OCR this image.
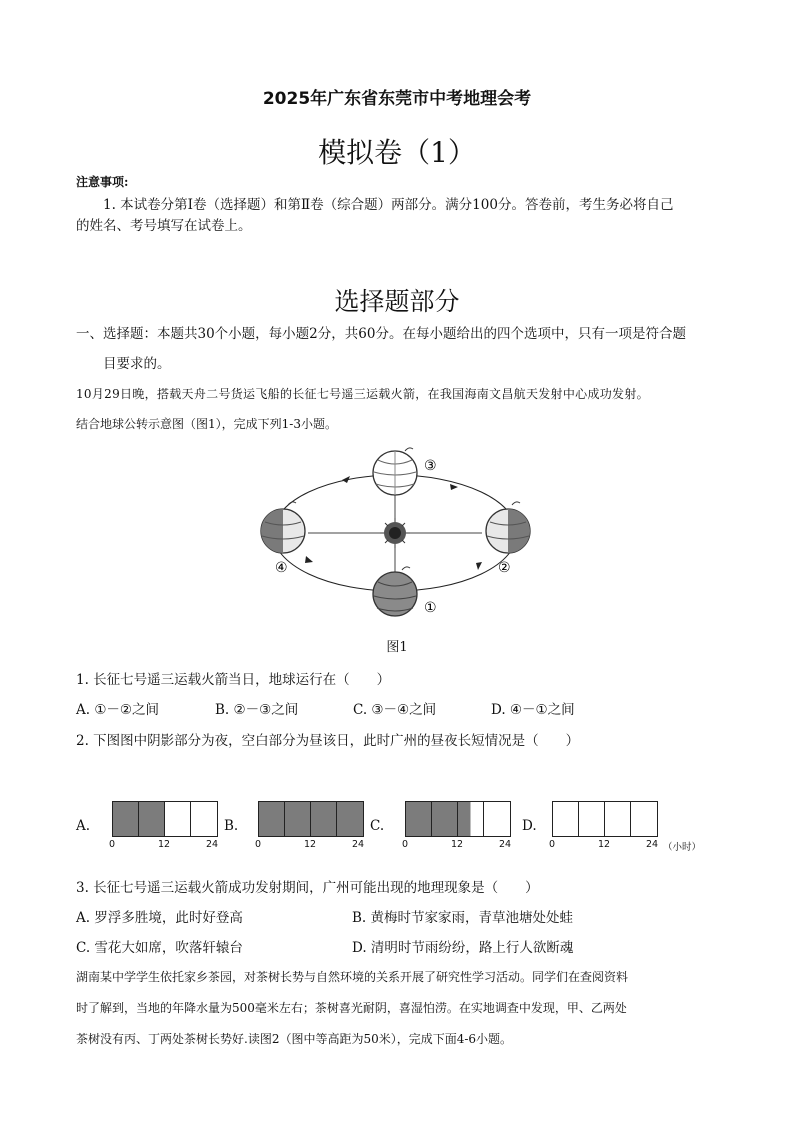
2025年广东省东莞市中考地理会考
模拟卷（1）
注意事项:
1. 本试卷分第Ⅰ卷（选择题）和第Ⅱ卷（综合题）两部分。满分100分。答卷前，考生务必将自己
的姓名、考号填写在试卷上。
选择题部分
一、选择题：本题共30个小题，每小题2分，共60分。在每小题给出的四个选项中，只有一项是符合题
目要求的。
10月29日晚，搭载天舟二号货运飞船的长征七号遥三运载火箭，在我国海南文昌航天发射中心成功发射。
结合地球公转示意图（图1），完成下列1-3小题。
③
②
①
④
图1
1. 长征七号遥三运载火箭当日，地球运行在（　　）
A. ①－②之间	B. ②－③之间	C. ③－④之间	D. ④－①之间
2. 下图图中阴影部分为夜，空白部分为昼该日，此时广州的昼夜长短情况是（　　）
A.
0	12	24
B.
0	12	24
C.
0	12	24
D.
0	12	24 （小时）
3. 长征七号遥三运载火箭成功发射期间，广州可能出现的地理现象是（　　）
A. 罗浮多胜境，此时好登高	B. 黄梅时节家家雨，青草池塘处处蛙
C. 雪花大如席，吹落轩辕台	D. 清明时节雨纷纷，路上行人欲断魂
湖南某中学学生依托家乡茶园，对茶树长势与自然环境的关系开展了研究性学习活动。同学们在查阅资料
时了解到，当地的年降水量为500毫米左右；茶树喜光耐阴，喜湿怕涝。在实地调查中发现，甲、乙两处
茶树没有丙、丁两处茶树长势好.读图2（图中等高距为50米），完成下面4-6小题。
